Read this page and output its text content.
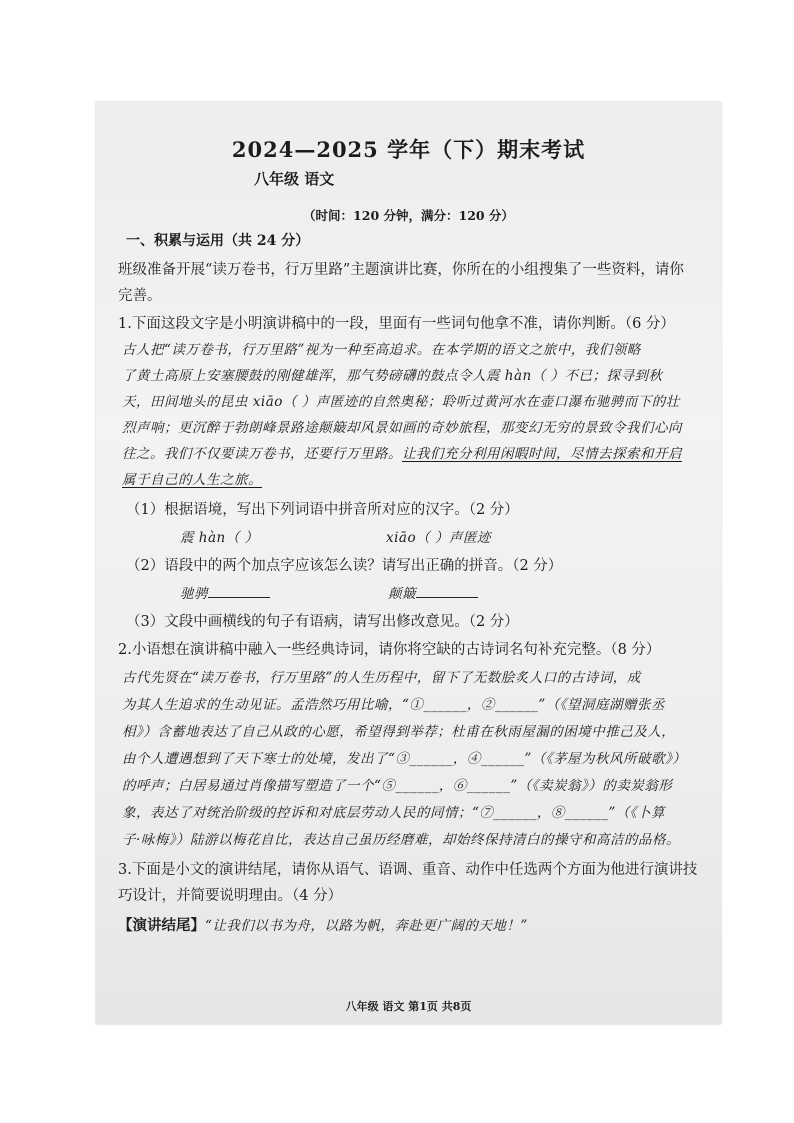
2024—2025 学年（下）期末考试
八年级 语文
（时间：120 分钟，满分：120 分）
一、积累与运用（共 24 分）
班级准备开展“读万卷书，行万里路”主题演讲比赛，你所在的小组搜集了一些资料，请你
完善。
1.下面这段文字是小明演讲稿中的一段，里面有一些词句他拿不准，请你判断。（6 分）
古人把“读万卷书，行万里路”视为一种至高追求。在本学期的语文之旅中，我们领略
了黄土高原上安塞腰鼓的刚健雄浑，那气势磅礴的鼓点令人震 hàn（ ）不已；探寻到秋
天，田间地头的昆虫 xiāo（ ）声匿迹的自然奥秘；聆听过黄河水在壶口瀑布驰骋而下的壮
烈声响；更沉醉于勃朗峰景路途颠簸却风景如画的奇妙旅程，那变幻无穷的景致令我们心向
往之。我们不仅要读万卷书，还要行万里路。让我们充分利用闲暇时间，尽情去探索和开启
属于自己的人生之旅。
（1）根据语境，写出下列词语中拼音所对应的汉字。（2 分）
震 hàn（ ）	xiāo（ ）声匿迹
（2）语段中的两个加点字应该怎么读？请写出正确的拼音。（2 分）
驰骋	颠簸
（3）文段中画横线的句子有语病，请写出修改意见。（2 分）
2.小语想在演讲稿中融入一些经典诗词，请你将空缺的古诗词名句补充完整。（8 分）
古代先贤在“读万卷书，行万里路”的人生历程中，留下了无数脍炙人口的古诗词，成
为其人生追求的生动见证。孟浩然巧用比喻，“①______，②______”（《望洞庭湖赠张丞
相》）含蓄地表达了自己从政的心愿，希望得到举荐；杜甫在秋雨屋漏的困境中推己及人，
由个人遭遇想到了天下寒士的处境，发出了“③______，④______”（《茅屋为秋风所破歌》）
的呼声；白居易通过肖像描写塑造了一个“⑤______，⑥______”（《卖炭翁》）的卖炭翁形
象，表达了对统治阶级的控诉和对底层劳动人民的同情；“⑦______，⑧______”（《卜算
子·咏梅》）陆游以梅花自比，表达自己虽历经磨难，却始终保持清白的操守和高洁的品格。
3.下面是小文的演讲结尾，请你从语气、语调、重音、动作中任选两个方面为他进行演讲技
巧设计，并简要说明理由。（4 分）
【演讲结尾】“让我们以书为舟，以路为帆，奔赴更广阔的天地！”
八年级 语文 第1页 共8页
